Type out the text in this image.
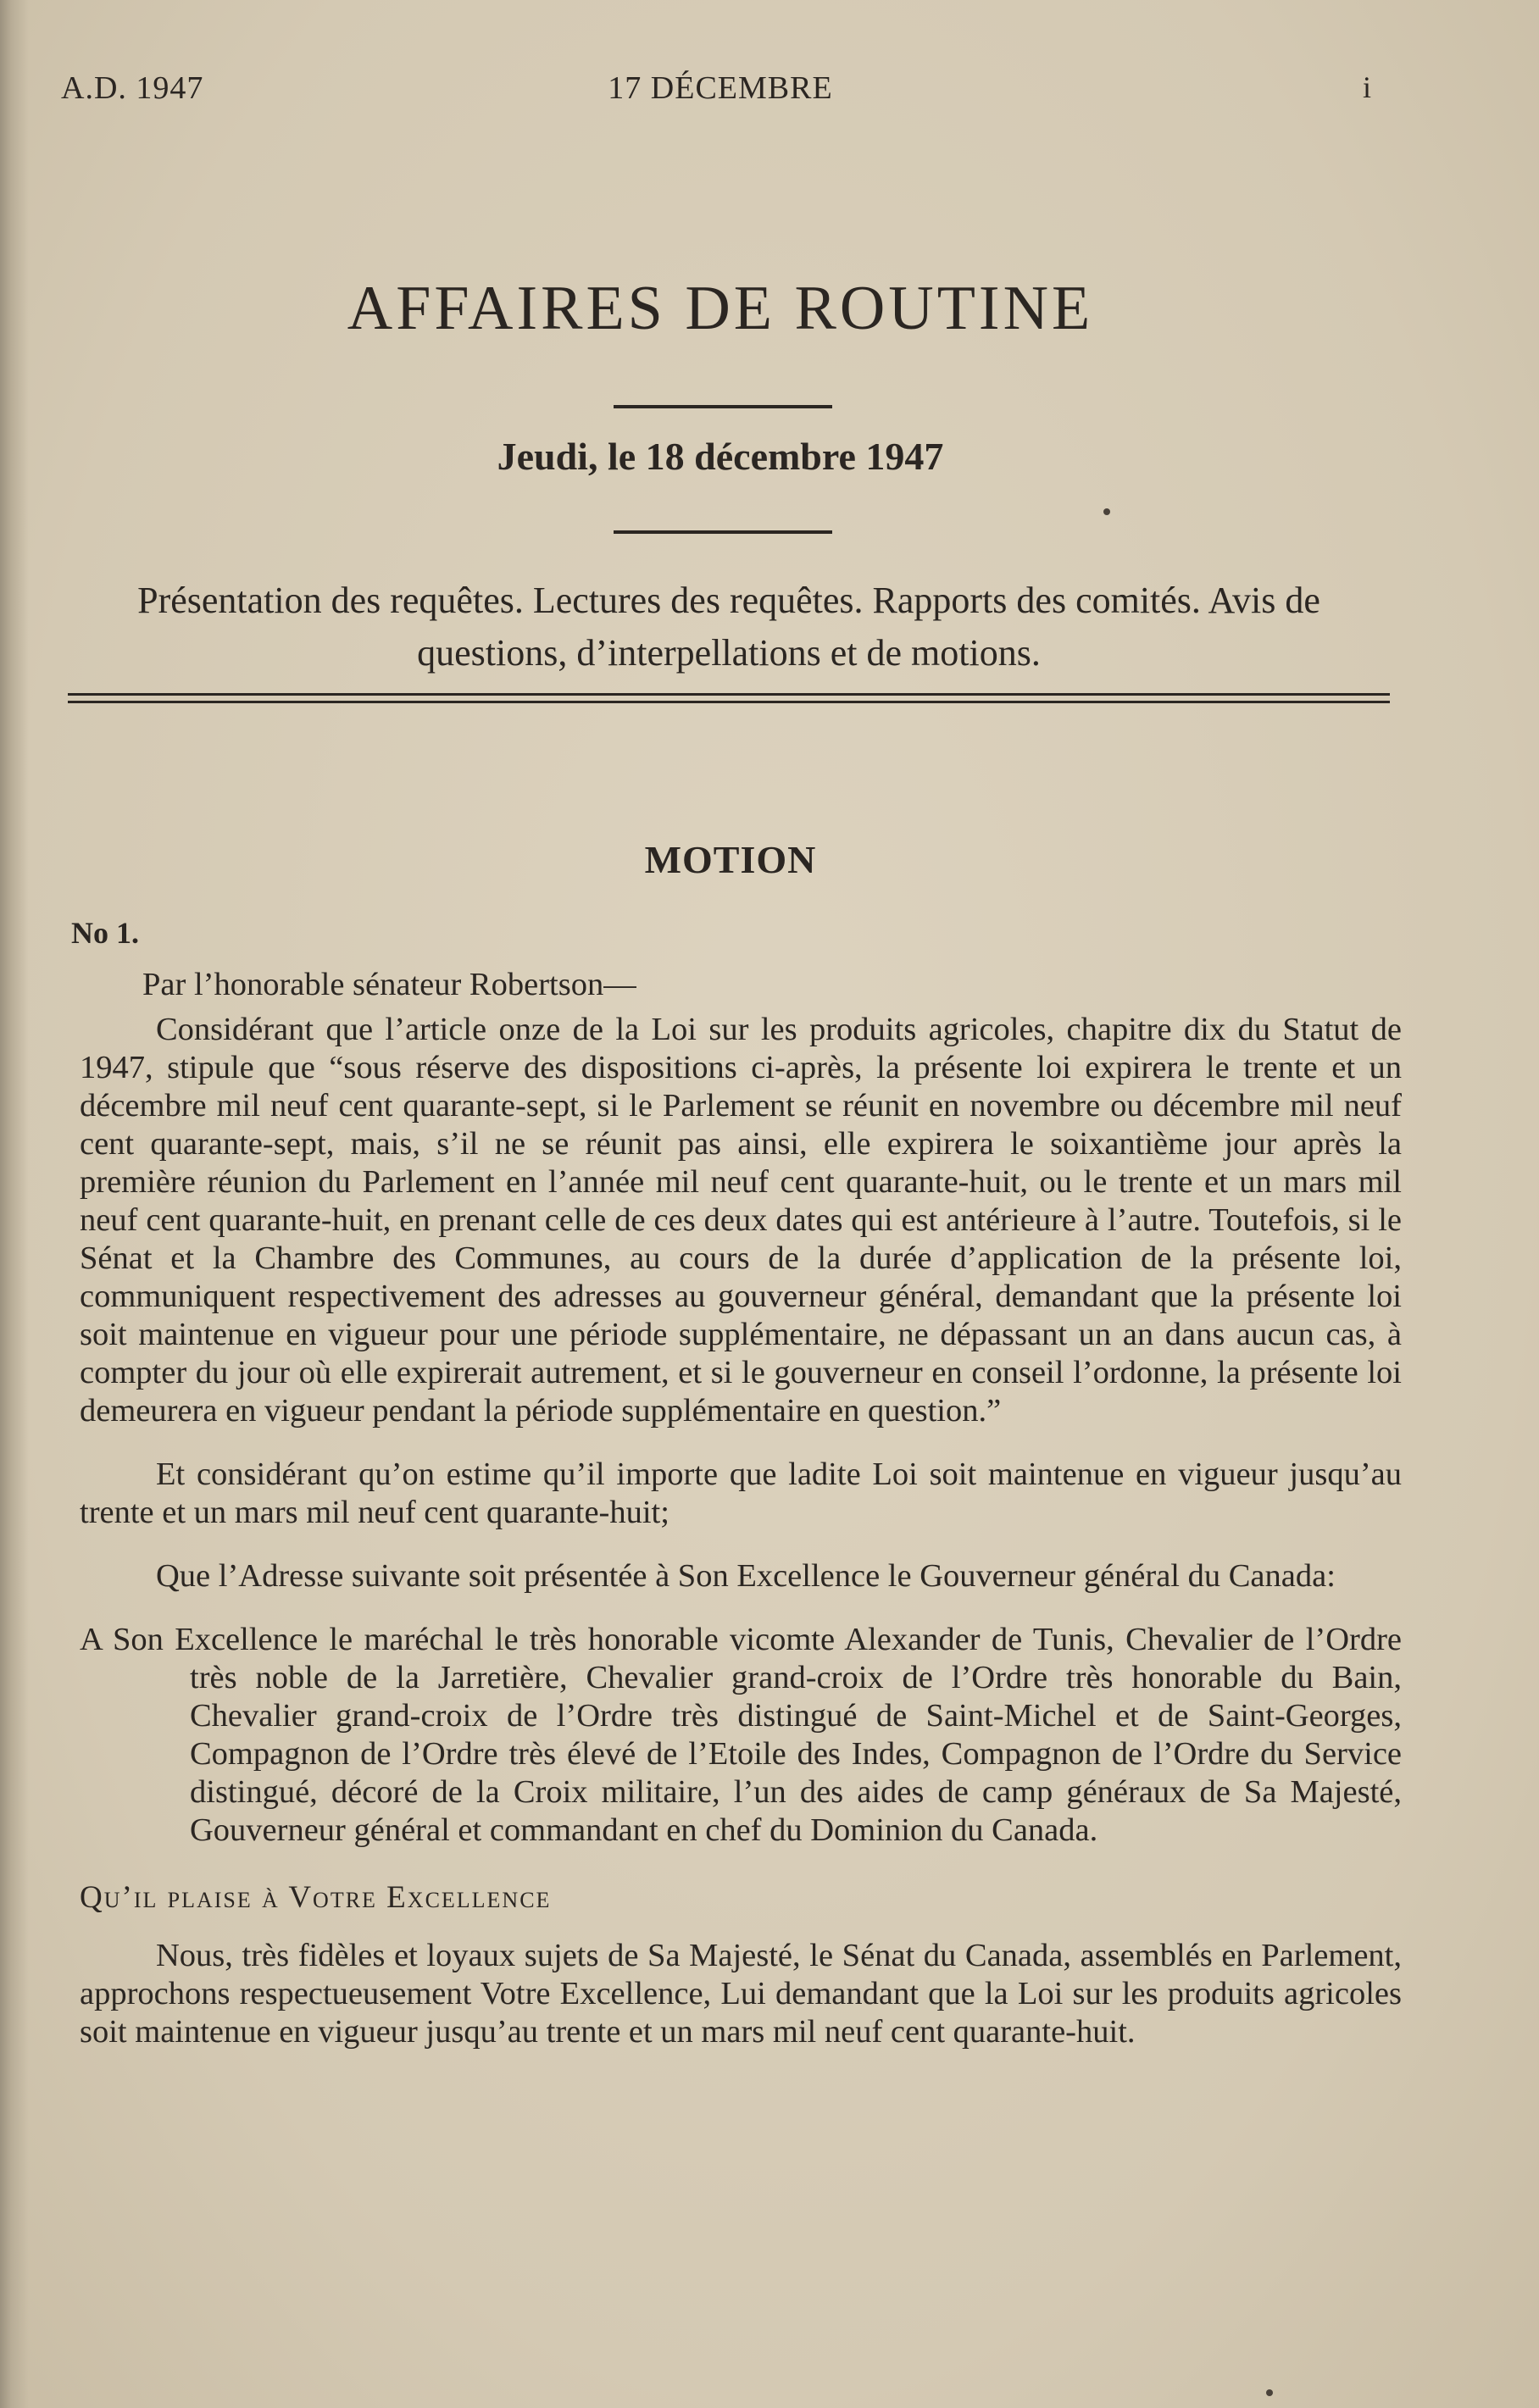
A.D. 1947	17 DÉCEMBRE	i
AFFAIRES DE ROUTINE
Jeudi, le 18 décembre 1947
Présentation des requêtes. Lectures des requêtes. Rapports des comités. Avis de questions, d’interpellations et de motions.
MOTION
No 1.

Par l’honorable sénateur Robertson—

Considérant que l’article onze de la Loi sur les produits agricoles, chapitre dix du Statut de 1947, stipule que “sous réserve des dispositions ci-après, la présente loi expirera le trente et un décembre mil neuf cent quarante-sept, si le Parlement se réunit en novembre ou décembre mil neuf cent quarante-sept, mais, s’il ne se réunit pas ainsi, elle expirera le soixantième jour après la première réunion du Parlement en l’année mil neuf cent quarante-huit, ou le trente et un mars mil neuf cent quarante-huit, en prenant celle de ces deux dates qui est antérieure à l’autre. Toutefois, si le Sénat et la Chambre des Communes, au cours de la durée d’application de la présente loi, communiquent respectivement des adresses au gouverneur général, demandant que la présente loi soit maintenue en vigueur pour une période supplémentaire, ne dépassant un an dans aucun cas, à compter du jour où elle expirerait autrement, et si le gouverneur en conseil l’ordonne, la présente loi demeurera en vigueur pendant la période supplémentaire en question.”

Et considérant qu’on estime qu’il importe que ladite Loi soit maintenue en vigueur jusqu’au trente et un mars mil neuf cent quarante-huit;

Que l’Adresse suivante soit présentée à Son Excellence le Gouverneur général du Canada:

A Son Excellence le maréchal le très honorable vicomte Alexander de Tunis, Chevalier de l’Ordre très noble de la Jarretière, Chevalier grand-croix de l’Ordre très honorable du Bain, Chevalier grand-croix de l’Ordre très distingué de Saint-Michel et de Saint-Georges, Compagnon de l’Ordre très élevé de l’Etoile des Indes, Compagnon de l’Ordre du Service distingué, décoré de la Croix militaire, l’un des aides de camp généraux de Sa Majesté, Gouverneur général et commandant en chef du Dominion du Canada.

Qu’il plaise à Votre Excellence

Nous, très fidèles et loyaux sujets de Sa Majesté, le Sénat du Canada, assemblés en Parlement, approchons respectueusement Votre Excellence, Lui demandant que la Loi sur les produits agricoles soit maintenue en vigueur jusqu’au trente et un mars mil neuf cent quarante-huit.
